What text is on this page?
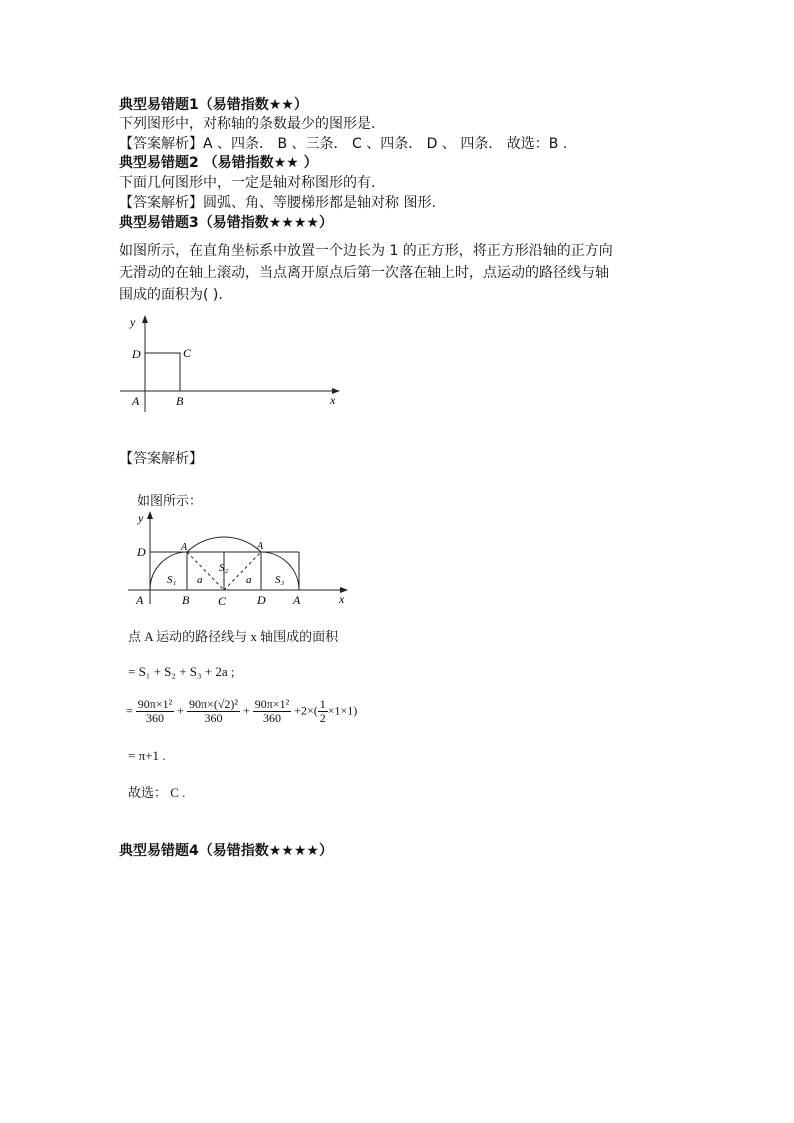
典型易错题1（易错指数★★）
下列图形中，对称轴的条数最少的图形是.
【答案解析】A 、四条． B 、三条． C 、四条． D 、 四条． 故选：B .
典型易错题2 （易错指数★★ ）
下面几何图形中，一定是轴对称图形的有.
【答案解析】圆弧、角、等腰梯形都是轴对称 图形.
典型易错题3（易错指数★★★★）
如图所示，在直角坐标系中放置一个边长为 1 的正方形，将正方形沿轴的正方向
无滑动的在轴上滚动，当点离开原点后第一次落在轴上时，点运动的路径线与轴
围成的面积为( ).
y
D	C
A	B	x
【答案解析】
如图所示：
y
D	A	A
S₁ a
S₂
a S₃
A	B C	D A	x
点 A 运动的路径线与 x 轴围成的面积
= S₁ + S₂ + S₃ + 2a ;
= $\frac{\text{90π×1²}}{360} + \frac{\text{90π×(√2)²}}{360} + \frac{\text{90π×1²}}{360} +2\times( \frac{1}{2} \times 1\times 1)$
= π+1 .
故选： C .
典型易错题4（易错指数★★★★）
